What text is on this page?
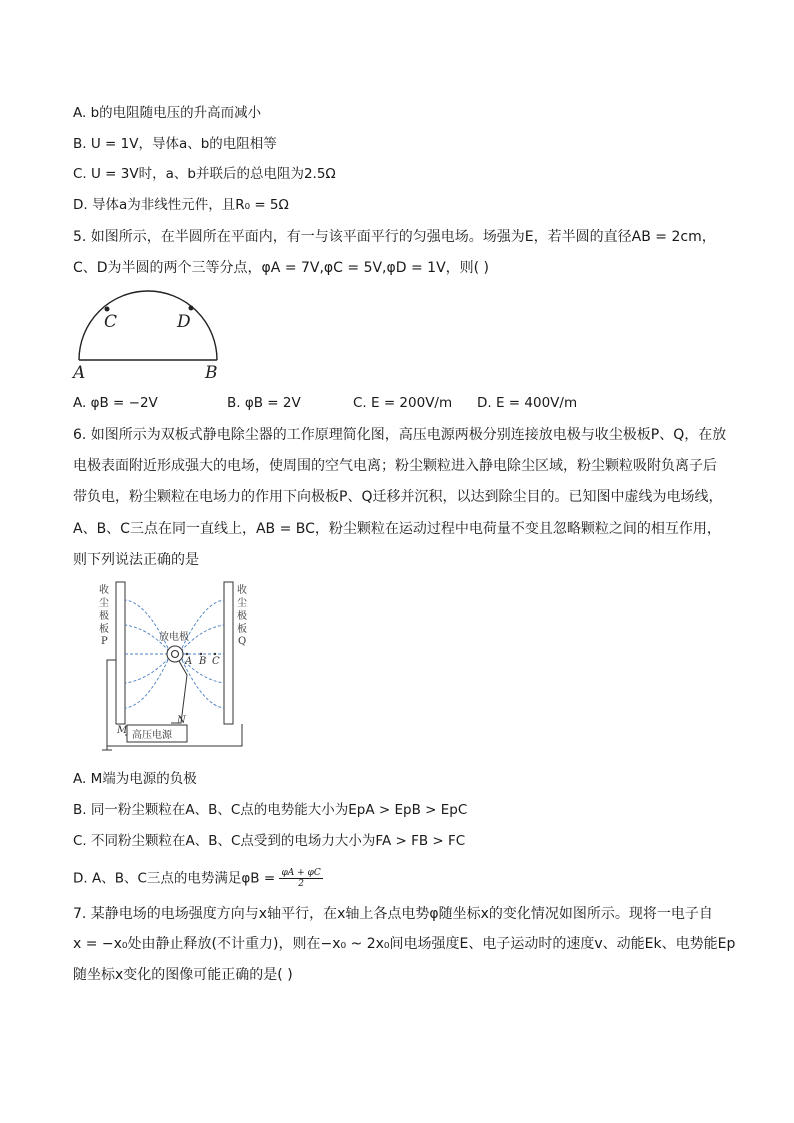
A. b的电阻随电压的升高而减小
B. U = 1V，导体a、b的电阻相等
C. U = 3V时，a、b并联后的总电阻为2.5Ω
D. 导体a为非线性元件，且R₀ = 5Ω
5. 如图所示，在半圆所在平面内，有一与该平面平行的匀强电场。场强为E，若半圆的直径AB = 2cm，
C、D为半圆的两个三等分点，φA = 7V,φC = 5V,φD = 1V，则( )
C	D
A	B
A. φB = −2V	B. φB = 2V	C. E = 200V/m D. E = 400V/m
6. 如图所示为双板式静电除尘器的工作原理简化图，高压电源两极分别连接放电极与收尘极板P、Q，在放
电极表面附近形成强大的电场，使周围的空气电离；粉尘颗粒进入静电除尘区域，粉尘颗粒吸附负离子后
带负电，粉尘颗粒在电场力的作用下向极板P、Q迁移并沉积，以达到除尘目的。已知图中虚线为电场线，
A、B、C三点在同一直线上，AB = BC，粉尘颗粒在运动过程中电荷量不变且忽略颗粒之间的相互作用，
则下列说法正确的是
A B C
放电极
收
尘
极
板
P
收
尘
极
板
Q
高压电源
M
N
A. M端为电源的负极
B. 同一粉尘颗粒在A、B、C点的电势能大小为EpA > EpB > EpC
C. 不同粉尘颗粒在A、B、C点受到的电场力大小为FA > FB > FC
D. A、B、C三点的电势满足$\varphi B = \frac{\varphi A + \varphi C}{2}$
7. 某静电场的电场强度方向与x轴平行，在x轴上各点电势φ随坐标x的变化情况如图所示。现将一电子自
x = −x₀处由静止释放(不计重力)，则在−x₀ ~ 2x₀间电场强度E、电子运动时的速度v、动能Ek、电势能Ep
随坐标x变化的图像可能正确的是( )
